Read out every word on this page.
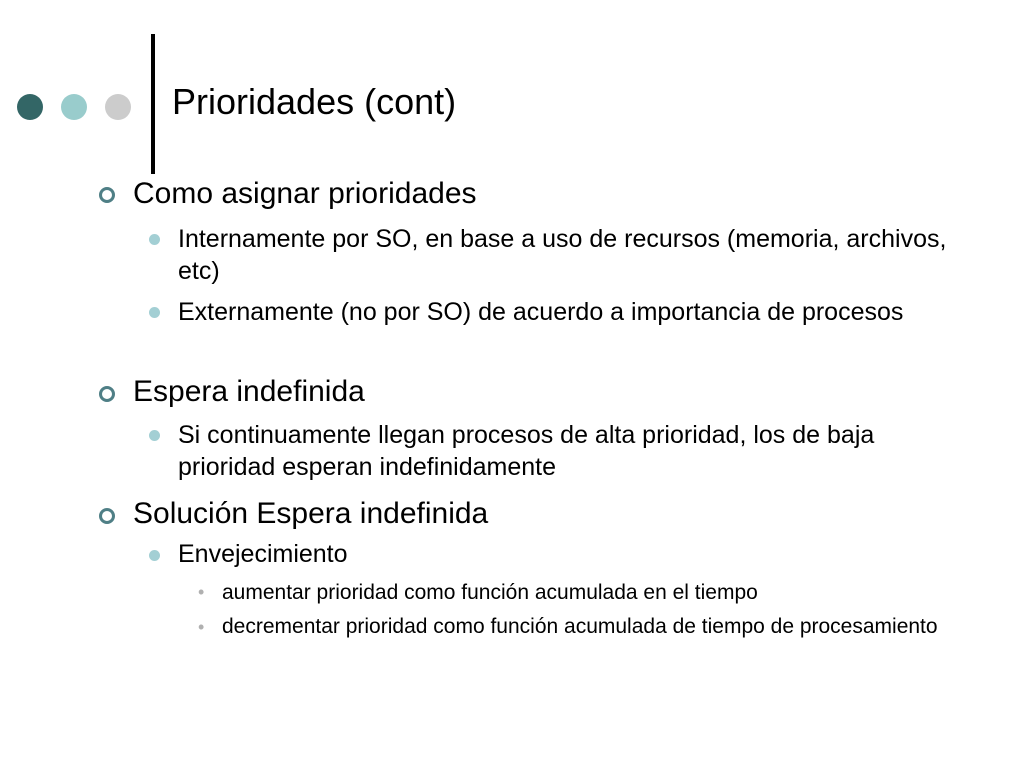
Prioridades (cont)
Como asignar prioridades
Internamente por SO, en base a uso de recursos (memoria, archivos, etc)
Externamente (no por SO) de acuerdo a importancia de procesos
Espera indefinida
Si continuamente llegan procesos de alta prioridad, los de baja prioridad esperan indefinidamente
Solución Espera indefinida
Envejecimiento
• aumentar prioridad como función acumulada en el tiempo
• decrementar prioridad como función acumulada de tiempo de procesamiento
